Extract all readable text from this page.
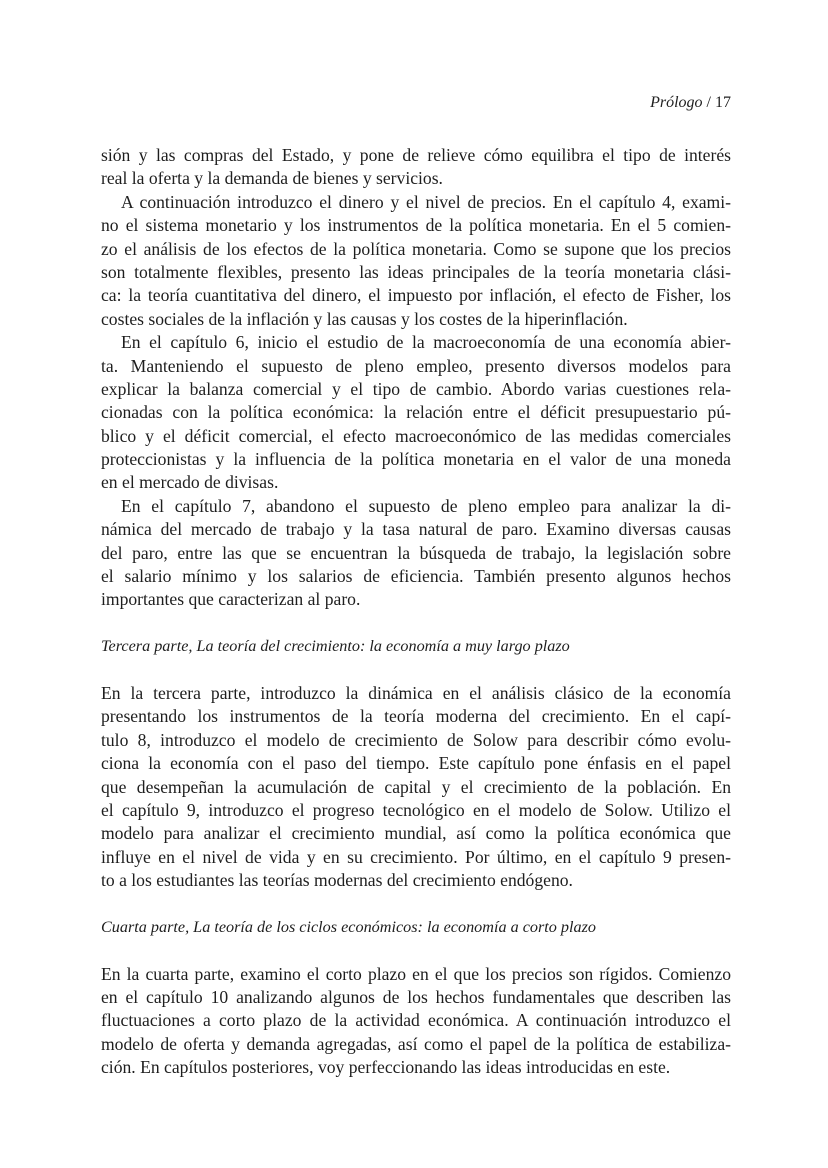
Prólogo / 17
sión y las compras del Estado, y pone de relieve cómo equilibra el tipo de interés
real la oferta y la demanda de bienes y servicios.
A continuación introduzco el dinero y el nivel de precios. En el capítulo 4, exami-
no el sistema monetario y los instrumentos de la política monetaria. En el 5 comien-
zo el análisis de los efectos de la política monetaria. Como se supone que los precios
son totalmente flexibles, presento las ideas principales de la teoría monetaria clási-
ca: la teoría cuantitativa del dinero, el impuesto por inflación, el efecto de Fisher, los
costes sociales de la inflación y las causas y los costes de la hiperinflación.
En el capítulo 6, inicio el estudio de la macroeconomía de una economía abier-
ta. Manteniendo el supuesto de pleno empleo, presento diversos modelos para
explicar la balanza comercial y el tipo de cambio. Abordo varias cuestiones rela-
cionadas con la política económica: la relación entre el déficit presupuestario pú-
blico y el déficit comercial, el efecto macroeconómico de las medidas comerciales
proteccionistas y la influencia de la política monetaria en el valor de una moneda
en el mercado de divisas.
En el capítulo 7, abandono el supuesto de pleno empleo para analizar la di-
námica del mercado de trabajo y la tasa natural de paro. Examino diversas causas
del paro, entre las que se encuentran la búsqueda de trabajo, la legislación sobre
el salario mínimo y los salarios de eficiencia. También presento algunos hechos
importantes que caracterizan al paro.
Tercera parte, La teoría del crecimiento: la economía a muy largo plazo
En la tercera parte, introduzco la dinámica en el análisis clásico de la economía
presentando los instrumentos de la teoría moderna del crecimiento. En el capí-
tulo 8, introduzco el modelo de crecimiento de Solow para describir cómo evolu-
ciona la economía con el paso del tiempo. Este capítulo pone énfasis en el papel
que desempeñan la acumulación de capital y el crecimiento de la población. En
el capítulo 9, introduzco el progreso tecnológico en el modelo de Solow. Utilizo el
modelo para analizar el crecimiento mundial, así como la política económica que
influye en el nivel de vida y en su crecimiento. Por último, en el capítulo 9 presen-
to a los estudiantes las teorías modernas del crecimiento endógeno.
Cuarta parte, La teoría de los ciclos económicos: la economía a corto plazo
En la cuarta parte, examino el corto plazo en el que los precios son rígidos. Comienzo
en el capítulo 10 analizando algunos de los hechos fundamentales que describen las
fluctuaciones a corto plazo de la actividad económica. A continuación introduzco el
modelo de oferta y demanda agregadas, así como el papel de la política de estabiliza-
ción. En capítulos posteriores, voy perfeccionando las ideas introducidas en este.
